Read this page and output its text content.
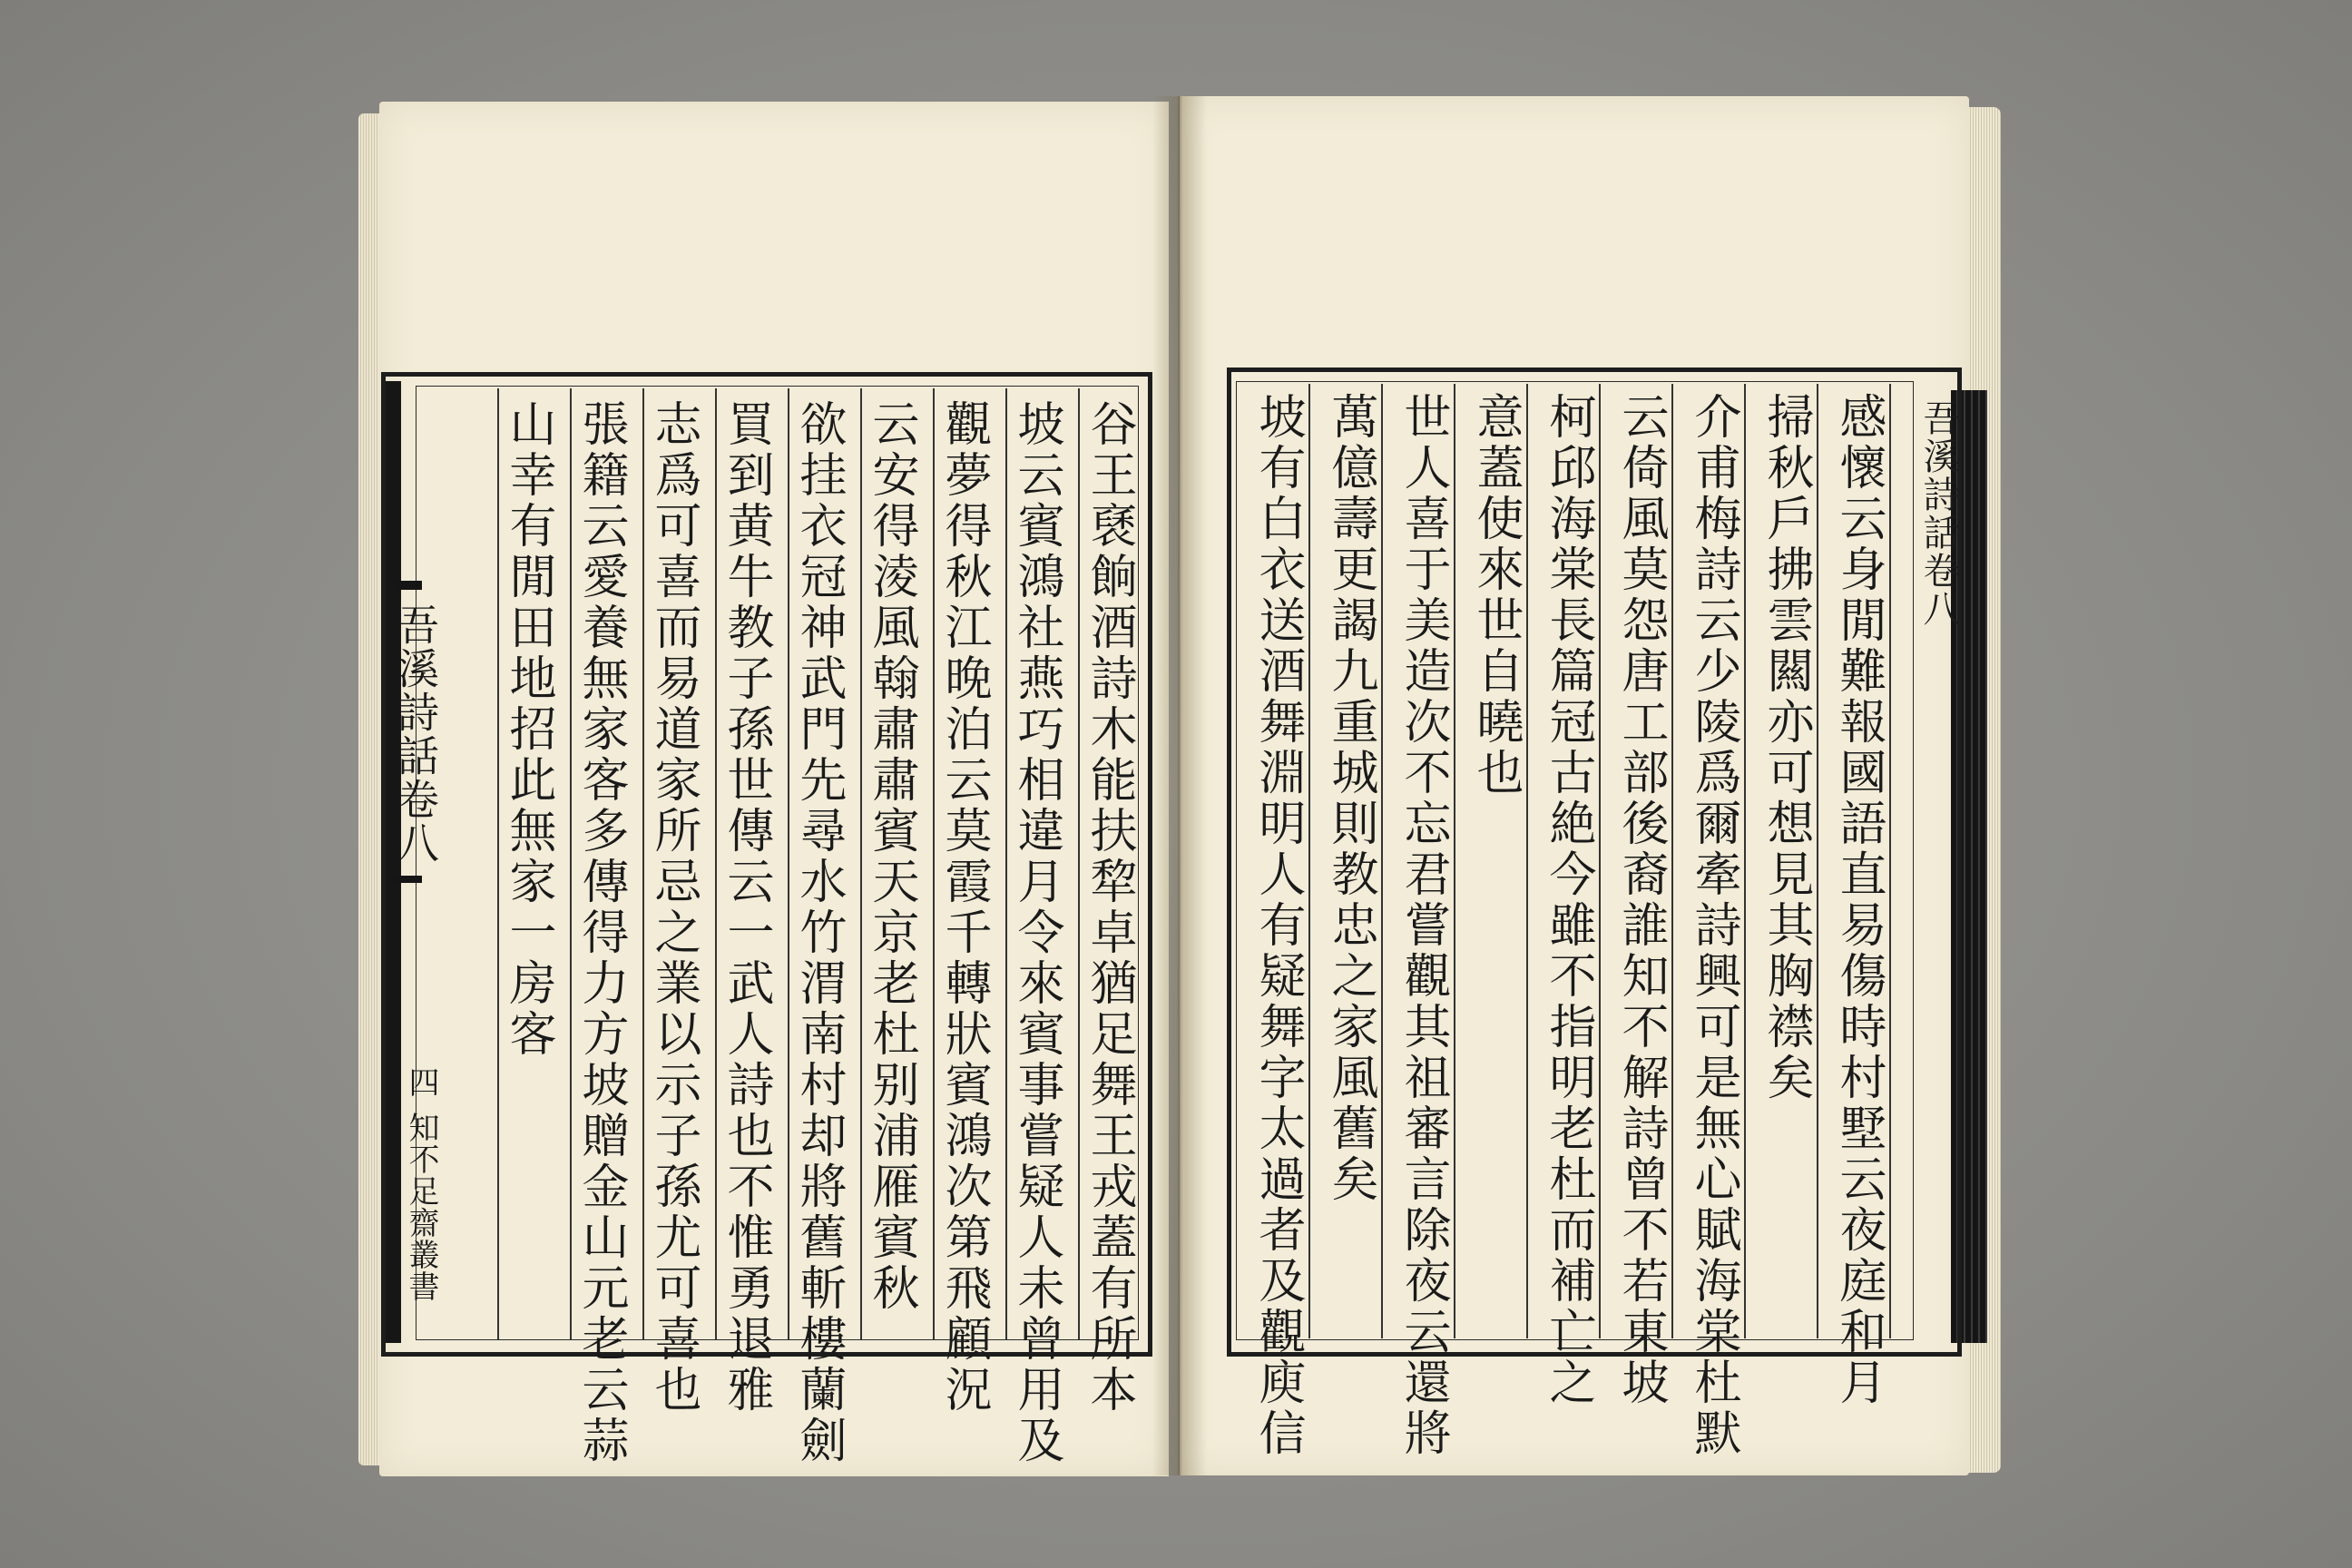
吾溪詩話卷八
四
知不足齋叢書	谷王褎餉酒詩木能扶犂卓猶足舞王戎蓋有所本
坡云賓鴻社燕巧相違月令來賓事嘗疑人未曾用及
觀夢得秋江晚泊云莫霞千轉狀賓鴻次第飛顧況
云安得淩風翰肅肅賓天京老杜别浦雁賓秋
欲挂衣冠神武門先尋水竹渭南村却將舊斬樓蘭劍
買到黄牛教子孫世傳云一武人詩也不惟勇退雅
志爲可喜而易道家所忌之業以示子孫尤可喜也
張籍云愛養無家客多傳得力方坡贈金山元老云蒜
山幸有閒田地招此無家一房客	感懷云身閒難報國語直易傷時村墅云夜庭和月
掃秋戶拂雲闗亦可想見其胸襟矣
介甫梅詩云少陵爲爾牽詩興可是無心賦海棠杜默
云倚風莫怨唐工部後裔誰知不解詩曾不若東坡
柯邱海棠長篇冠古絶今雖不指明老杜而補亡之
意蓋使來世自曉也
世人喜于美造次不忘君嘗觀其祖審言除夜云還將
萬億壽更謁九重城則教忠之家風舊矣
坡有白衣送酒舞淵明人有疑舞字太過者及觀庾信	吾溪詩話卷八
